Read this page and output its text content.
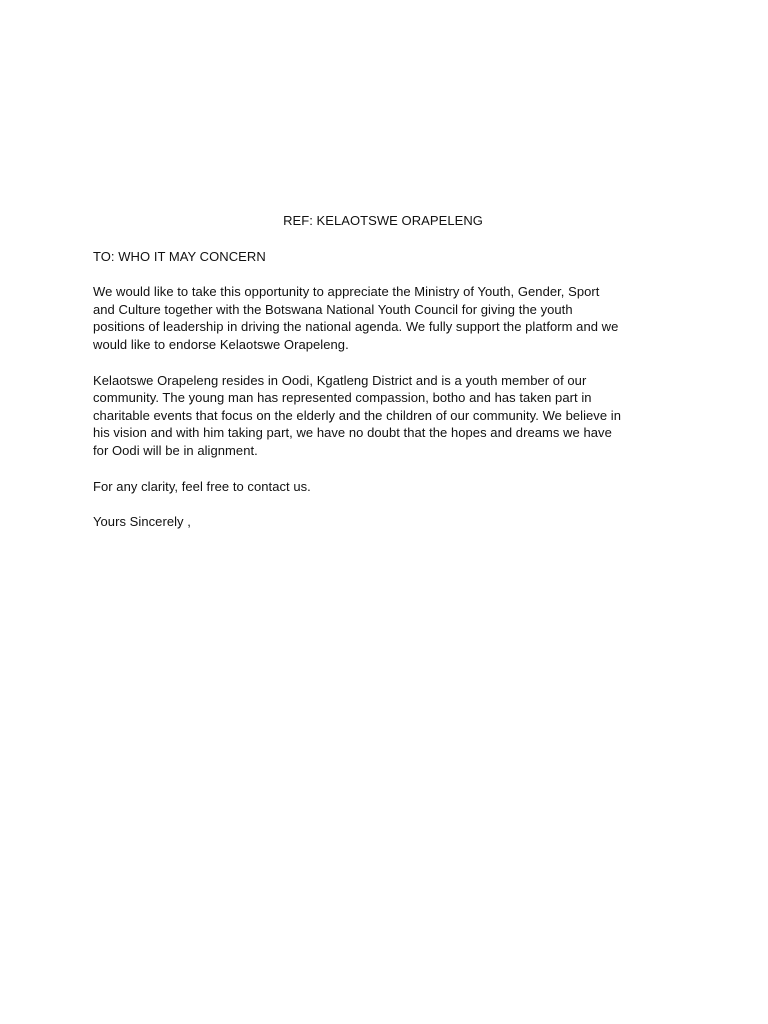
REF: KELAOTSWE ORAPELENG
TO: WHO IT MAY CONCERN
We would like to take this opportunity to appreciate the Ministry of Youth, Gender, Sport
and Culture together with the Botswana National Youth Council for giving the youth
positions of leadership in driving the national agenda. We fully support the platform and we
would like to endorse Kelaotswe Orapeleng.
Kelaotswe Orapeleng resides in Oodi, Kgatleng District and is a youth member of our
community. The young man has represented compassion, botho and has taken part in
charitable events that focus on the elderly and the children of our community. We believe in
his vision and with him taking part, we have no doubt that the hopes and dreams we have
for Oodi will be in alignment.
For any clarity, feel free to contact us.
Yours Sincerely ,
